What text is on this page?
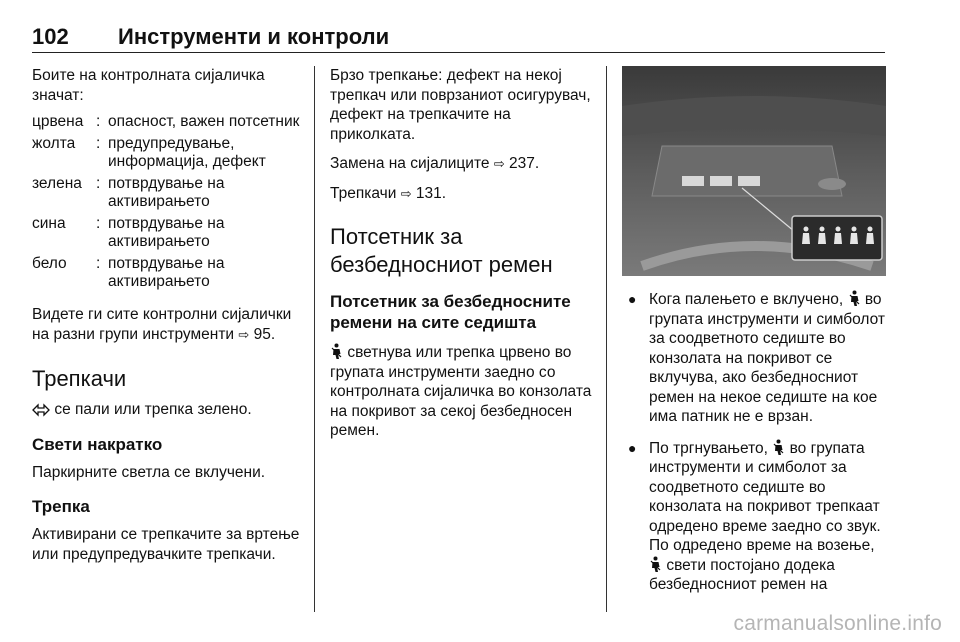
102 Инструменти и контроли

Боите на контролната сијаличка значат:

црвена	:	опасност, важен потсетник
жолта	:	предупредување, информација, дефект
зелена	:	потврдување на активирањето
сина	:	потврдување на активирањето
бело	:	потврдување на активирањето

Видете ги сите контролни сијалички на разни групи инструменти ⇨ 95.

Трепкачи

се пали или трепка зелено.

Свети накратко

Паркирните светла се вклучени.

Трепка

Активирани се трепкачите за вртење или предупредувачките трепкачи.

Брзо трепкање: дефект на некој трепкач или поврзаниот осигурувач, дефект на трепкачите на приколката.

Замена на сијалиците ⇨ 237.

Трепкачи ⇨ 131.

Потсетник за безбедносниот ремен
Потсетник за безбедносните ремени на сите седишта

светнува или трепка црвено во групата инструменти заедно со контролната сијаличка во конзолата на покривот за секој безбедносен ремен.

● Кога палењето е вклучено, во групата инструменти и симболот за соодветното седиште во конзолата на покривот се вклучува, ако безбедносниот ремен на некое седиште на кое има патник не е врзан.
● По тргнувањето, во групата инструменти и симболот за соодветното седиште во конзолата на покривот трепкаат одредено време заедно со звук. По одредено време на возење,  свети постојано додека безбедносниот ремен на
carmanualsonline.info
